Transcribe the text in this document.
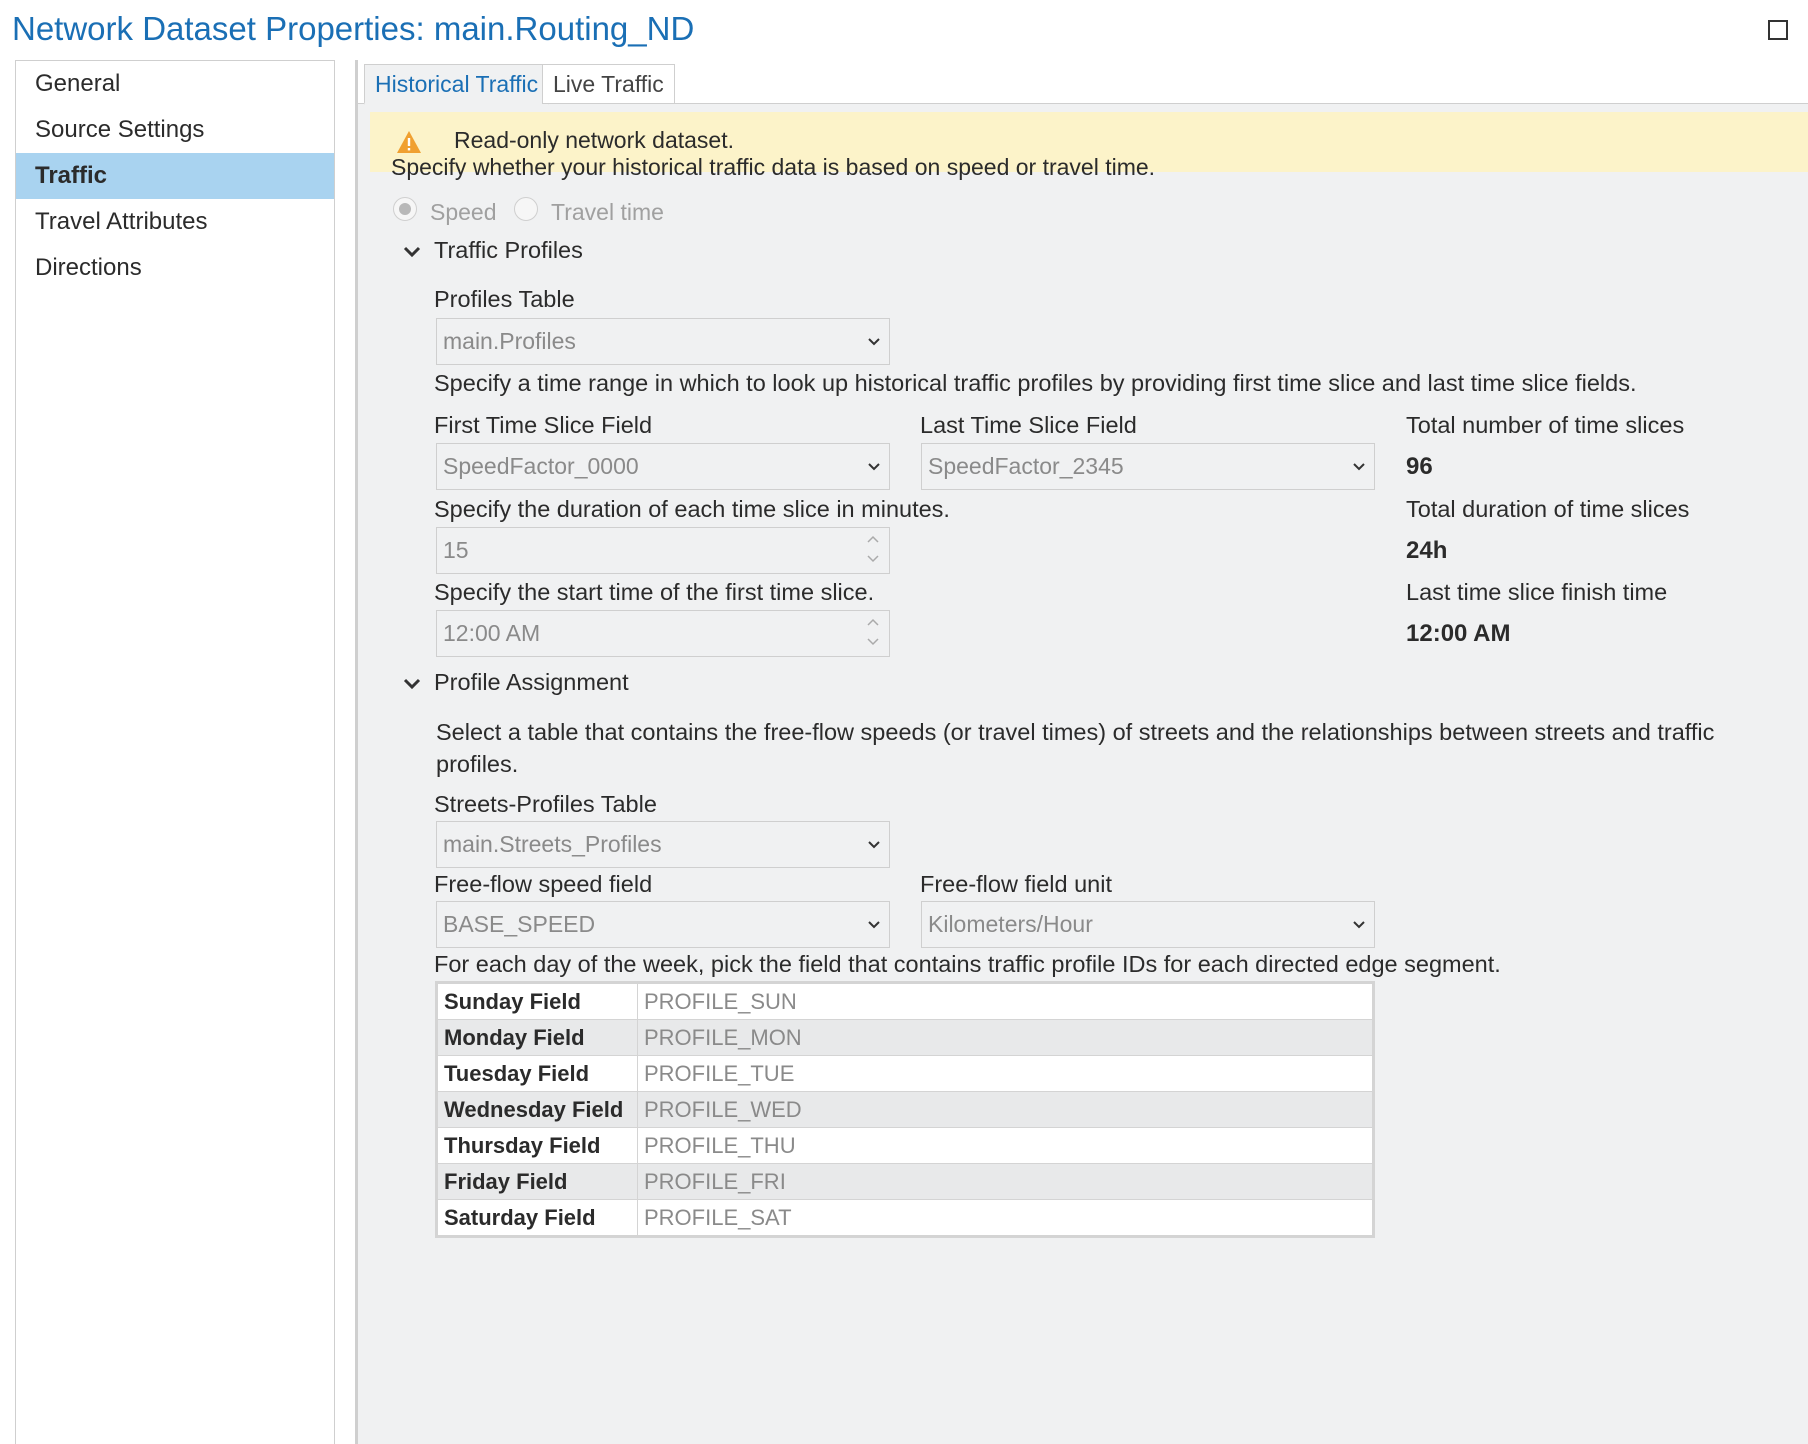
Network Dataset Properties: main.Routing_ND
General
Source Settings
Traffic
Travel Attributes
Directions
Historical Traffic Live Traffic
Read-only network dataset.
Specify whether your historical traffic data is based on speed or travel time.
Speed Travel time
Traffic Profiles
Profiles Table
main.Profiles
Specify a time range in which to look up historical traffic profiles by providing first time slice and last time slice fields.
First Time Slice Field	Last Time Slice Field	Total number of time slices
SpeedFactor_0000	SpeedFactor_2345	96
Specify the duration of each time slice in minutes.	Total duration of time slices
15	24h
Specify the start time of the first time slice.	Last time slice finish time
12:00 AM	12:00 AM
Profile Assignment
Select a table that contains the free-flow speeds (or travel times) of streets and the relationships between streets and traffic
profiles.
Streets-Profiles Table
main.Streets_Profiles
Free-flow speed field	Free-flow field unit
BASE_SPEED	Kilometers/Hour
For each day of the week, pick the field that contains traffic profile IDs for each directed edge segment.
Sunday Field	PROFILE_SUN
Monday Field	PROFILE_MON
Tuesday Field	PROFILE_TUE
Wednesday Field	PROFILE_WED
Thursday Field	PROFILE_THU
Friday Field	PROFILE_FRI
Saturday Field	PROFILE_SAT
